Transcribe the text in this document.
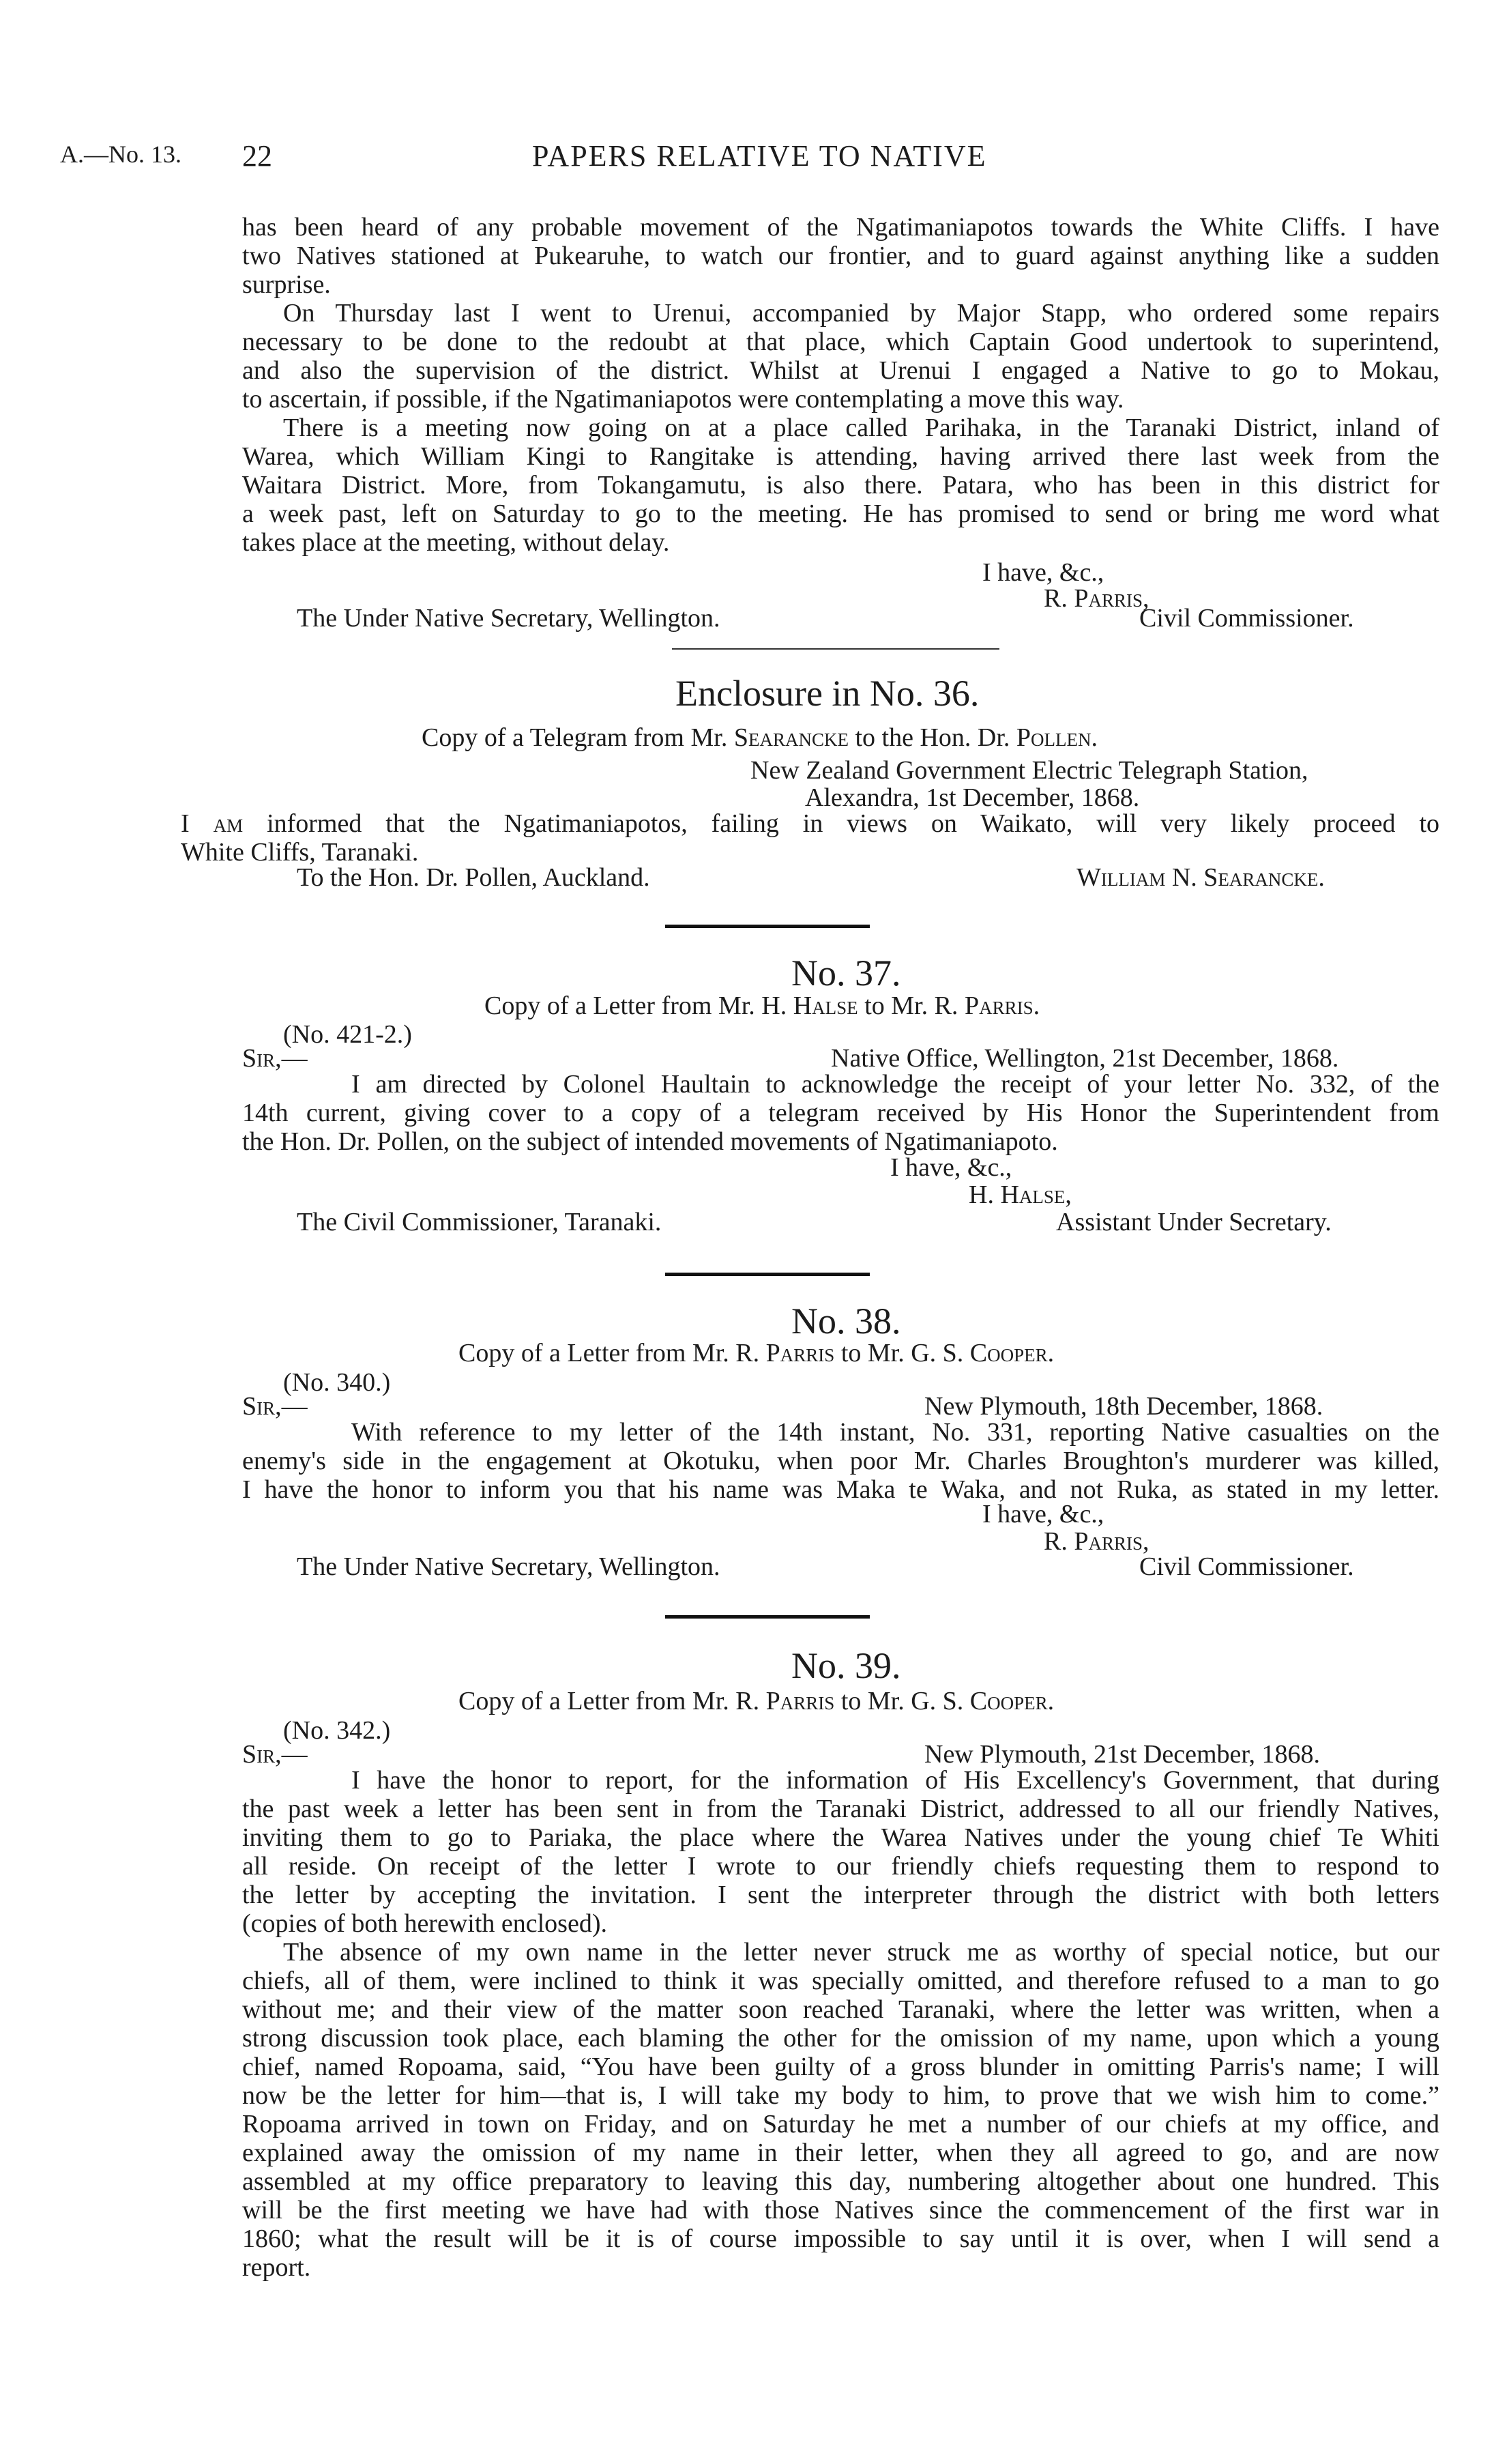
A.—No. 13. 22	PAPERS RELATIVE TO NATIVE
has been heard of any probable movement of the Ngatimaniapotos towards the White Cliffs. I have
two Natives stationed at Pukearuhe, to watch our frontier, and to guard against anything like a sudden
surprise.
On Thursday last I went to Urenui, accompanied by Major Stapp, who ordered some repairs
necessary to be done to the redoubt at that place, which Captain Good undertook to superintend,
and also the supervision of the district. Whilst at Urenui I engaged a Native to go to Mokau,
to ascertain, if possible, if the Ngatimaniapotos were contemplating a move this way.
There is a meeting now going on at a place called Parihaka, in the Taranaki District, inland of
Warea, which William Kingi to Rangitake is attending, having arrived there last week from the
Waitara District. More, from Tokangamutu, is also there. Patara, who has been in this district for
a week past, left on Saturday to go to the meeting. He has promised to send or bring me word what
takes place at the meeting, without delay.
I have, &c.,
R. Parris,
The Under Native Secretary, Wellington.	Civil Commissioner.
Enclosure in No. 36.
Copy of a Telegram from Mr. Searancke to the Hon. Dr. Pollen.
New Zealand Government Electric Telegraph Station,
Alexandra, 1st December, 1868.
I am informed that the Ngatimaniapotos, failing in views on Waikato, will very likely proceed to
White Cliffs, Taranaki.
To the Hon. Dr. Pollen, Auckland.	William N. Searancke.
No. 37.
Copy of a Letter from Mr. H. Halse to Mr. R. Parris.
(No. 421-2.)
Sir,—	Native Office, Wellington, 21st December, 1868.
I am directed by Colonel Haultain to acknowledge the receipt of your letter No. 332, of the
14th current, giving cover to a copy of a telegram received by His Honor the Superintendent from
the Hon. Dr. Pollen, on the subject of intended movements of Ngatimaniapoto.
I have, &c.,
H. Halse,
The Civil Commissioner, Taranaki.	Assistant Under Secretary.
No. 38.
Copy of a Letter from Mr. R. Parris to Mr. G. S. Cooper.
(No. 340.)
Sir,—	New Plymouth, 18th December, 1868.
With reference to my letter of the 14th instant, No. 331, reporting Native casualties on the
enemy's side in the engagement at Okotuku, when poor Mr. Charles Broughton's murderer was killed,
I have the honor to inform you that his name was Maka te Waka, and not Ruka, as stated in my letter.
I have, &c.,
R. Parris,
The Under Native Secretary, Wellington.	Civil Commissioner.
No. 39.
Copy of a Letter from Mr. R. Parris to Mr. G. S. Cooper.
(No. 342.)
Sir,—	New Plymouth, 21st December, 1868.
I have the honor to report, for the information of His Excellency's Government, that during
the past week a letter has been sent in from the Taranaki District, addressed to all our friendly Natives,
inviting them to go to Pariaka, the place where the Warea Natives under the young chief Te Whiti
all reside. On receipt of the letter I wrote to our friendly chiefs requesting them to respond to
the letter by accepting the invitation. I sent the interpreter through the district with both letters
(copies of both herewith enclosed).
The absence of my own name in the letter never struck me as worthy of special notice, but our
chiefs, all of them, were inclined to think it was specially omitted, and therefore refused to a man to go
without me; and their view of the matter soon reached Taranaki, where the letter was written, when a
strong discussion took place, each blaming the other for the omission of my name, upon which a young
chief, named Ropoama, said, “You have been guilty of a gross blunder in omitting Parris's name; I will
now be the letter for him—that is, I will take my body to him, to prove that we wish him to come.”
Ropoama arrived in town on Friday, and on Saturday he met a number of our chiefs at my office, and
explained away the omission of my name in their letter, when they all agreed to go, and are now
assembled at my office preparatory to leaving this day, numbering altogether about one hundred. This
will be the first meeting we have had with those Natives since the commencement of the first war in
1860; what the result will be it is of course impossible to say until it is over, when I will send a
report.
